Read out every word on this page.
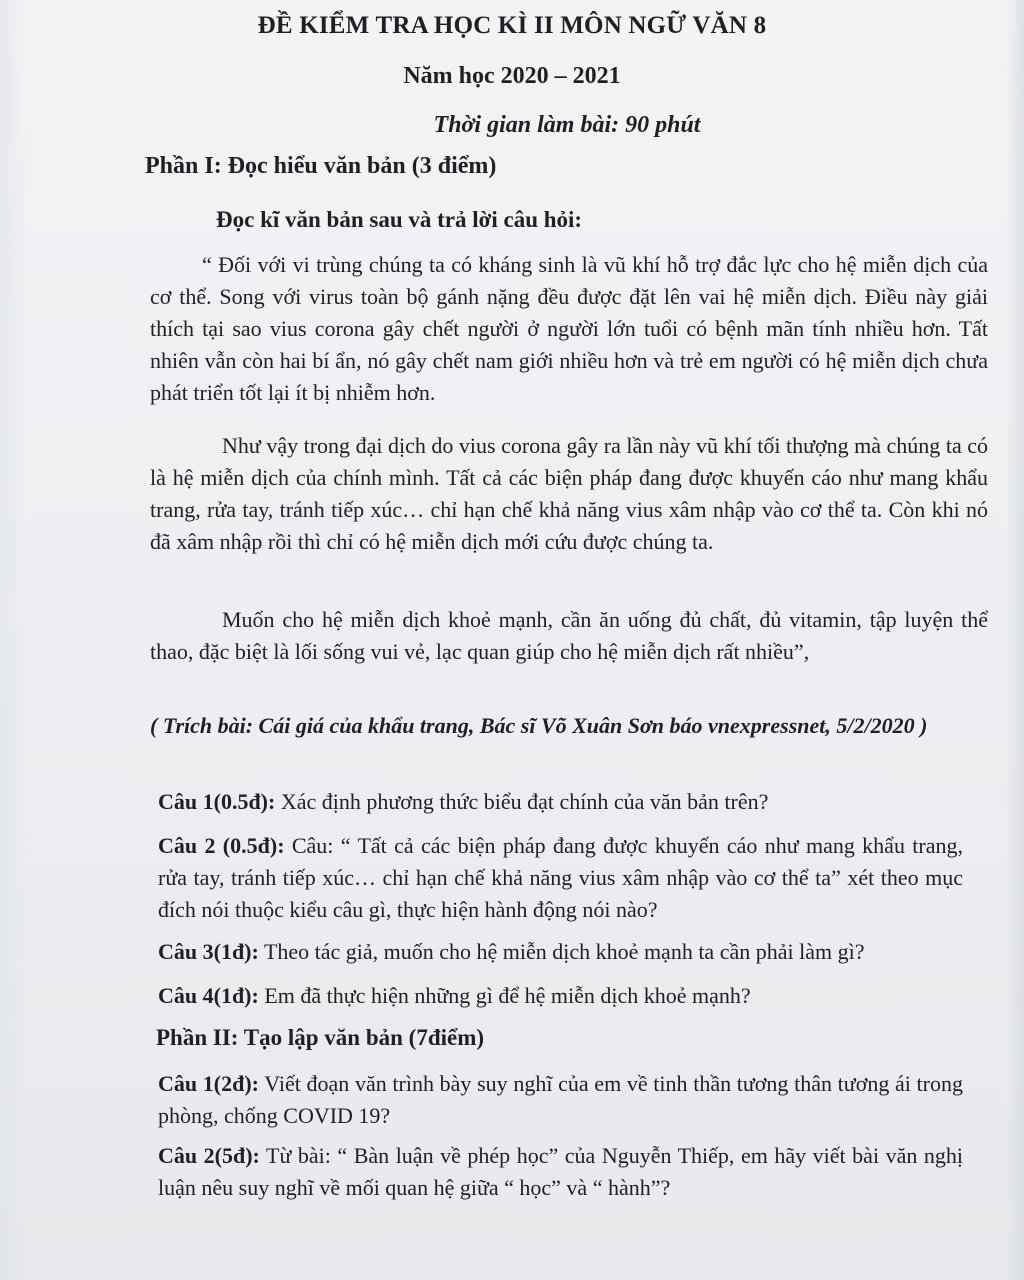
ĐỀ KIỂM TRA HỌC KÌ II MÔN NGỮ VĂN 8
Năm học 2020 – 2021
Thời gian làm bài: 90 phút
Phần I: Đọc hiểu văn bản (3 điểm)
Đọc kĩ văn bản sau và trả lời câu hỏi:
“ Đối với vi trùng chúng ta có kháng sinh là vũ khí hỗ trợ đắc lực cho hệ miễn dịch của cơ thể. Song với virus toàn bộ gánh nặng đều được đặt lên vai hệ miễn dịch. Điều này giải thích tại sao vius corona gây chết người ở người lớn tuổi có bệnh mãn tính nhiều hơn. Tất nhiên vẫn còn hai bí ẩn, nó gây chết nam giới nhiều hơn và trẻ em người có hệ miễn dịch chưa phát triển tốt lại ít bị nhiễm hơn.
Như vậy trong đại dịch do vius corona gây ra lần này vũ khí tối thượng mà chúng ta có là hệ miễn dịch của chính mình. Tất cả các biện pháp đang được khuyến cáo như mang khẩu trang, rửa tay, tránh tiếp xúc… chỉ hạn chế khả năng vius xâm nhập vào cơ thể ta. Còn khi nó đã xâm nhập rồi thì chỉ có hệ miễn dịch mới cứu được chúng ta.
Muốn cho hệ miễn dịch khoẻ mạnh, cần ăn uống đủ chất, đủ vitamin, tập luyện thể thao, đặc biệt là lối sống vui vẻ, lạc quan giúp cho hệ miễn dịch rất nhiều”,
( Trích bài: Cái giá của khẩu trang, Bác sĩ Võ Xuân Sơn báo vnexpressnet, 5/2/2020 )
Câu 1(0.5đ): Xác định phương thức biểu đạt chính của văn bản trên?
Câu 2 (0.5đ): Câu: “ Tất cả các biện pháp đang được khuyến cáo như mang khẩu trang, rửa tay, tránh tiếp xúc… chỉ hạn chế khả năng vius xâm nhập vào cơ thể ta” xét theo mục đích nói thuộc kiểu câu gì, thực hiện hành động nói nào?
Câu 3(1đ): Theo tác giả, muốn cho hệ miễn dịch khoẻ mạnh ta cần phải làm gì?
Câu 4(1đ): Em đã thực hiện những gì để hệ miễn dịch khoẻ mạnh?
Phần II: Tạo lập văn bản (7điểm)
Câu 1(2đ): Viết đoạn văn trình bày suy nghĩ của em về tinh thần tương thân tương ái trong phòng, chống COVID 19?
Câu 2(5đ): Từ bài: “ Bàn luận về phép học” của Nguyễn Thiếp, em hãy viết bài văn nghị luận nêu suy nghĩ về mối quan hệ giữa “ học” và “ hành”?
